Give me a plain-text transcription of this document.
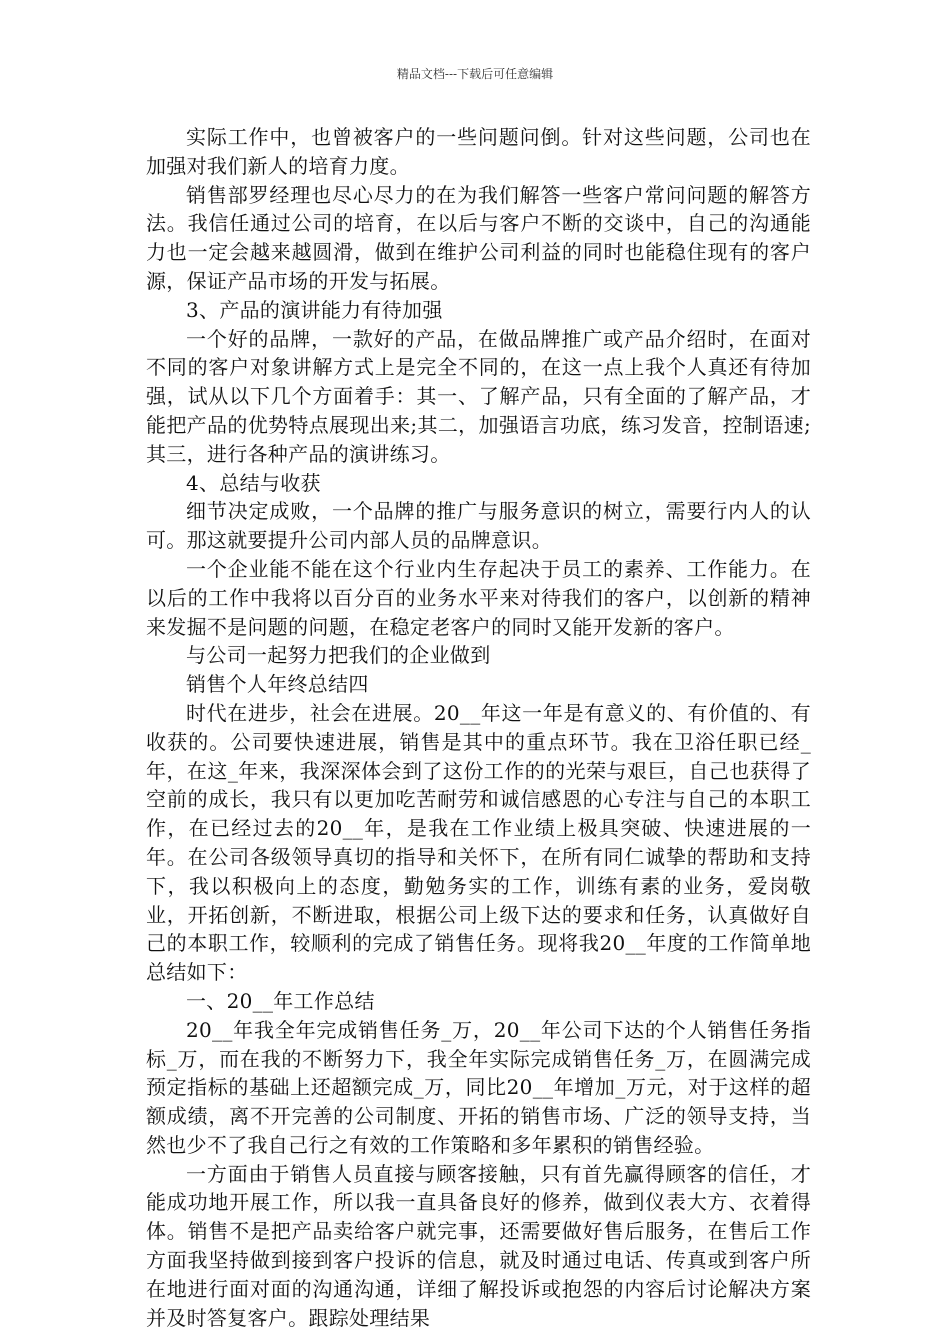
精品文档---下载后可任意编辑

实际工作中，也曾被客户的一些问题问倒。针对这些问题，公司也在加强对我们新人的培育力度。

销售部罗经理也尽心尽力的在为我们解答一些客户常问问题的解答方法。我信任通过公司的培育，在以后与客户不断的交谈中，自己的沟通能力也一定会越来越圆滑，做到在维护公司利益的同时也能稳住现有的客户源，保证产品市场的开发与拓展。

3、产品的演讲能力有待加强

一个好的品牌，一款好的产品，在做品牌推广或产品介绍时，在面对不同的客户对象讲解方式上是完全不同的，在这一点上我个人真还有待加强，试从以下几个方面着手：其一、了解产品，只有全面的了解产品，才能把产品的优势特点展现出来;其二，加强语言功底，练习发音，控制语速;其三，进行各种产品的演讲练习。

4、总结与收获

细节决定成败，一个品牌的推广与服务意识的树立，需要行内人的认可。那这就要提升公司内部人员的品牌意识。

一个企业能不能在这个行业内生存起决于员工的素养、工作能力。在以后的工作中我将以百分百的业务水平来对待我们的客户，以创新的精神来发掘不是问题的问题，在稳定老客户的同时又能开发新的客户。

与公司一起努力把我们的企业做到

销售个人年终总结四

时代在进步，社会在进展。20__年这一年是有意义的、有价值的、有收获的。公司要快速进展，销售是其中的重点环节。我在卫浴任职已经_年，在这_年来，我深深体会到了这份工作的的光荣与艰巨，自己也获得了空前的成长，我只有以更加吃苦耐劳和诚信感恩的心专注与自己的本职工作，在已经过去的20__年，是我在工作业绩上极具突破、快速进展的一年。在公司各级领导真切的指导和关怀下，在所有同仁诚挚的帮助和支持下，我以积极向上的态度，勤勉务实的工作，训练有素的业务，爱岗敬业，开拓创新，不断进取，根据公司上级下达的要求和任务，认真做好自己的本职工作，较顺利的完成了销售任务。现将我20__年度的工作简单地总结如下：

一、20__年工作总结

20__年我全年完成销售任务_万，20__年公司下达的个人销售任务指标_万，而在我的不断努力下，我全年实际完成销售任务_万，在圆满完成预定指标的基础上还超额完成_万，同比20__年增加_万元，对于这样的超额成绩，离不开完善的公司制度、开拓的销售市场、广泛的领导支持，当然也少不了我自己行之有效的工作策略和多年累积的销售经验。

一方面由于销售人员直接与顾客接触，只有首先赢得顾客的信任，才能成功地开展工作，所以我一直具备良好的修养，做到仪表大方、衣着得体。销售不是把产品卖给客户就完事，还需要做好售后服务，在售后工作方面我坚持做到接到客户投诉的信息，就及时通过电话、传真或到客户所在地进行面对面的沟通沟通，详细了解投诉或抱怨的内容后讨论解决方案并及时答复客户。跟踪处理结果
